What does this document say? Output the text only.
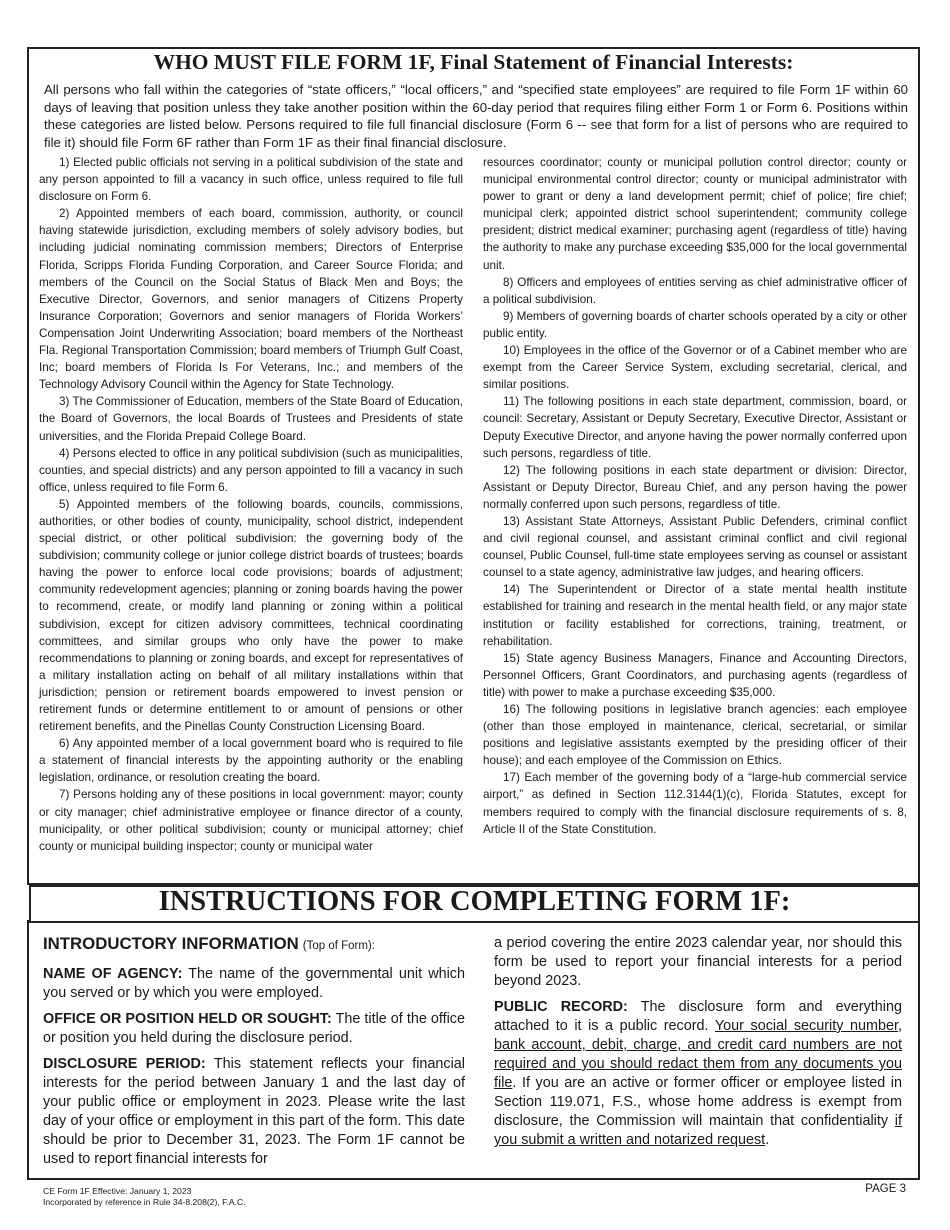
WHO MUST FILE FORM 1F, Final Statement of Financial Interests:
All persons who fall within the categories of “state officers,” “local officers,” and “specified state employees” are required to file Form 1F within 60 days of leaving that position unless they take another position within the 60-day period that requires filing either Form 1 or Form 6. Positions within these categories are listed below. Persons required to file full financial disclosure (Form 6 -- see that form for a list of persons who are required to file it) should file Form 6F rather than Form 1F as their final financial disclosure.

1) Elected public officials not serving in a political subdivision of the state and any person appointed to fill a vacancy in such office, unless required to file full disclosure on Form 6.

2) Appointed members of each board, commission, authority, or council having statewide jurisdiction, excluding members of solely advisory bodies, but including judicial nominating commission members; Directors of Enterprise Florida, Scripps Florida Funding Corporation, and Career Source Florida; and members of the Council on the Social Status of Black Men and Boys; the Executive Director, Governors, and senior managers of Citizens Property Insurance Corporation; Governors and senior managers of Florida Workers’ Compensation Joint Underwriting Association; board members of the Northeast Fla. Regional Transportation Commission; board members of Triumph Gulf Coast, Inc; board members of Florida Is For Veterans, Inc.; and members of the Technology Advisory Council within the Agency for State Technology.

3) The Commissioner of Education, members of the State Board of Education, the Board of Governors, the local Boards of Trustees and Presidents of state universities, and the Florida Prepaid College Board.

4) Persons elected to office in any political subdivision (such as municipalities, counties, and special districts) and any person appointed to fill a vacancy in such office, unless required to file Form 6.

5) Appointed members of the following boards, councils, commissions, authorities, or other bodies of county, municipality, school district, independent special district, or other political subdivision: the governing body of the subdivision; community college or junior college district boards of trustees; boards having the power to enforce local code provisions; boards of adjustment; community redevelopment agencies; planning or zoning boards having the power to recommend, create, or modify land planning or zoning within a political subdivision, except for citizen advisory committees, technical coordinating committees, and similar groups who only have the power to make recommendations to planning or zoning boards, and except for representatives of a military installation acting on behalf of all military installations within that jurisdiction; pension or retirement boards empowered to invest pension or retirement funds or determine entitlement to or amount of pensions or other retirement benefits, and the Pinellas County Construction Licensing Board.

6) Any appointed member of a local government board who is required to file a statement of financial interests by the appointing authority or the enabling legislation, ordinance, or resolution creating the board.

7) Persons holding any of these positions in local government: mayor; county or city manager; chief administrative employee or finance director of a county, municipality, or other political subdivision; county or municipal attorney; chief county or municipal building inspector; county or municipal water

resources coordinator; county or municipal pollution control director; county or municipal environmental control director; county or municipal administrator with power to grant or deny a land development permit; chief of police; fire chief; municipal clerk; appointed district school superintendent; community college president; district medical examiner; purchasing agent (regardless of title) having the authority to make any purchase exceeding $35,000 for the local governmental unit.

8) Officers and employees of entities serving as chief administrative officer of a political subdivision.

9) Members of governing boards of charter schools operated by a city or other public entity.

10) Employees in the office of the Governor or of a Cabinet member who are exempt from the Career Service System, excluding secretarial, clerical, and similar positions.

11) The following positions in each state department, commission, board, or council: Secretary, Assistant or Deputy Secretary, Executive Director, Assistant or Deputy Executive Director, and anyone having the power normally conferred upon such persons, regardless of title.

12) The following positions in each state department or division: Director, Assistant or Deputy Director, Bureau Chief, and any person having the power normally conferred upon such persons, regardless of title.

13) Assistant State Attorneys, Assistant Public Defenders, criminal conflict and civil regional counsel, and assistant criminal conflict and civil regional counsel, Public Counsel, full-time state employees serving as counsel or assistant counsel to a state agency, administrative law judges, and hearing officers.

14) The Superintendent or Director of a state mental health institute established for training and research in the mental health field, or any major state institution or facility established for corrections, training, treatment, or rehabilitation.

15) State agency Business Managers, Finance and Accounting Directors, Personnel Officers, Grant Coordinators, and purchasing agents (regardless of title) with power to make a purchase exceeding $35,000.

16) The following positions in legislative branch agencies: each employee (other than those employed in maintenance, clerical, secretarial, or similar positions and legislative assistants exempted by the presiding officer of their house); and each employee of the Commission on Ethics.

17) Each member of the governing body of a “large-hub commercial service airport,” as defined in Section 112.3144(1)(c), Florida Statutes, except for members required to comply with the financial disclosure requirements of s. 8, Article II of the State Constitution.

INSTRUCTIONS FOR COMPLETING FORM 1F:

INTRODUCTORY INFORMATION (Top of Form):

NAME OF AGENCY: The name of the governmental unit which you served or by which you were employed.

OFFICE OR POSITION HELD OR SOUGHT: The title of the office or position you held during the disclosure period.

DISCLOSURE PERIOD: This statement reflects your financial interests for the period between January 1 and the last day of your public office or employment in 2023. Please write the last day of your office or employment in this part of the form. This date should be prior to December 31, 2023. The Form 1F cannot be used to report financial interests for

a period covering the entire 2023 calendar year, nor should this form be used to report your financial interests for a period beyond 2023.

PUBLIC RECORD: The disclosure form and everything attached to it is a public record. Your social security number, bank account, debit, charge, and credit card numbers are not required and you should redact them from any documents you file. If you are an active or former officer or employee listed in Section 119.071, F.S., whose home address is exempt from disclosure, the Commission will maintain that confidentiality if you submit a written and notarized request.

CE Form 1F Effective: January 1, 2023
Incorporated by reference in Rule 34-8.208(2), F.A.C.
PAGE 3
